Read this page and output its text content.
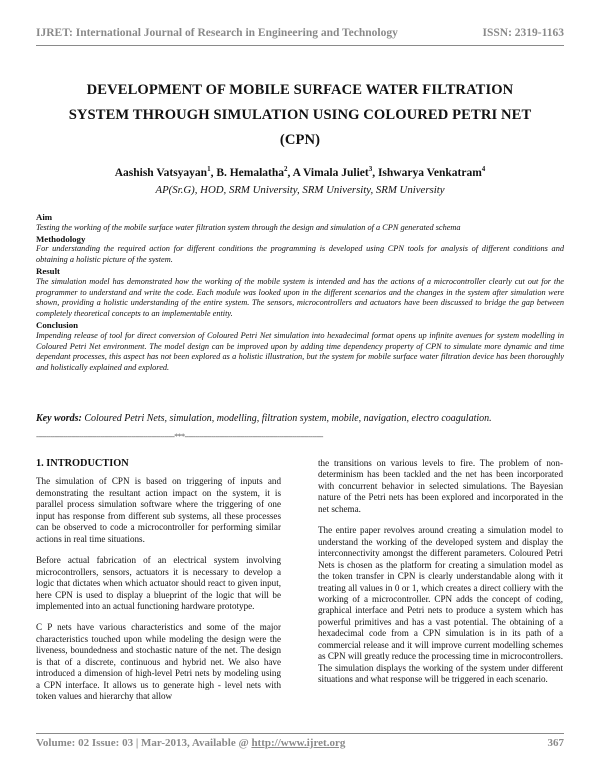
IJRET: International Journal of Research in Engineering and Technology	ISSN: 2319-1163
DEVELOPMENT OF MOBILE SURFACE WATER FILTRATION
SYSTEM THROUGH SIMULATION USING COLOURED PETRI NET
(CPN)
Aashish Vatsyayan$^1$, B. Hemalatha$^2$, A Vimala Juliet$^3$, Ishwarya Venkatram$^4$
AP(Sr.G), HOD, SRM University, SRM University, SRM University
Aim
Testing the working of the mobile surface water filtration system through the design and simulation of a CPN generated schema
Methodology
For understanding the required action for different conditions the programming is developed using CPN tools for analysis of different conditions and obtaining a holistic picture of the system.
Result
The simulation model has demonstrated how the working of the mobile system is intended and has the actions of a microcontroller clearly cut out for the programmer to understand and write the code. Each module was looked upon in the different scenarios and the changes in the system after simulation were shown, providing a holistic understanding of the entire system. The sensors, microcontrollers and actuators have been discussed to bridge the gap between completely theoretical concepts to an implementable entity.
Conclusion
Impending release of tool for direct conversion of Coloured Petri Net simulation into hexadecimal format opens up infinite avenues for system modelling in Coloured Petri Net environment. The model design can be improved upon by adding time dependency property of CPN to simulate more dynamic and time dependant processes, this aspect has not been explored as a holistic illustration, but the system for mobile surface water filtration device has been thoroughly and holistically explained and explored.
Key words: Coloured Petri Nets, simulation, modelling, filtration system, mobile, navigation, electro coagulation.
-------------------------------------------------------------------***-------------------------------------------------------------------
1. INTRODUCTION

The simulation of CPN is based on triggering of inputs and demonstrating the resultant action impact on the system, it is parallel process simulation software where the triggering of one input has response from different sub systems, all these processes can be observed to code a microcontroller for performing similar actions in real time situations.

Before actual fabrication of an electrical system involving microcontrollers, sensors, actuators it is necessary to develop a logic that dictates when which actuator should react to given input, here CPN is used to display a blueprint of the logic that will be implemented into an actual functioning hardware prototype.

C P nets have various characteristics and some of the major characteristics touched upon while modeling the design were the liveness, boundedness and stochastic nature of the net. The design is that of a discrete, continuous and hybrid net. We also have introduced a dimension of high-level Petri nets by modeling using a CPN interface. It allows us to generate high - level nets with token values and hierarchy that allow

the transitions on various levels to fire. The problem of non-determinism has been tackled and the net has been incorporated with concurrent behavior in selected simulations. The Bayesian nature of the Petri nets has been explored and incorporated in the net schema.

The entire paper revolves around creating a simulation model to understand the working of the developed system and display the interconnectivity amongst the different parameters. Coloured Petri Nets is chosen as the platform for creating a simulation model as the token transfer in CPN is clearly understandable along with it treating all values in 0 or 1, which creates a direct colliery with the working of a microcontroller. CPN adds the concept of coding, graphical interface and Petri nets to produce a system which has powerful primitives and has a vast potential. The obtaining of a hexadecimal code from a CPN simulation is in its path of a commercial release and it will improve current modelling schemes as CPN will greatly reduce the processing time in microcontrollers. The simulation displays the working of the system under different situations and what response will be triggered in each scenario.

Volume: 02 Issue: 03 | Mar-2013, Available @ http://www.ijret.org	367
